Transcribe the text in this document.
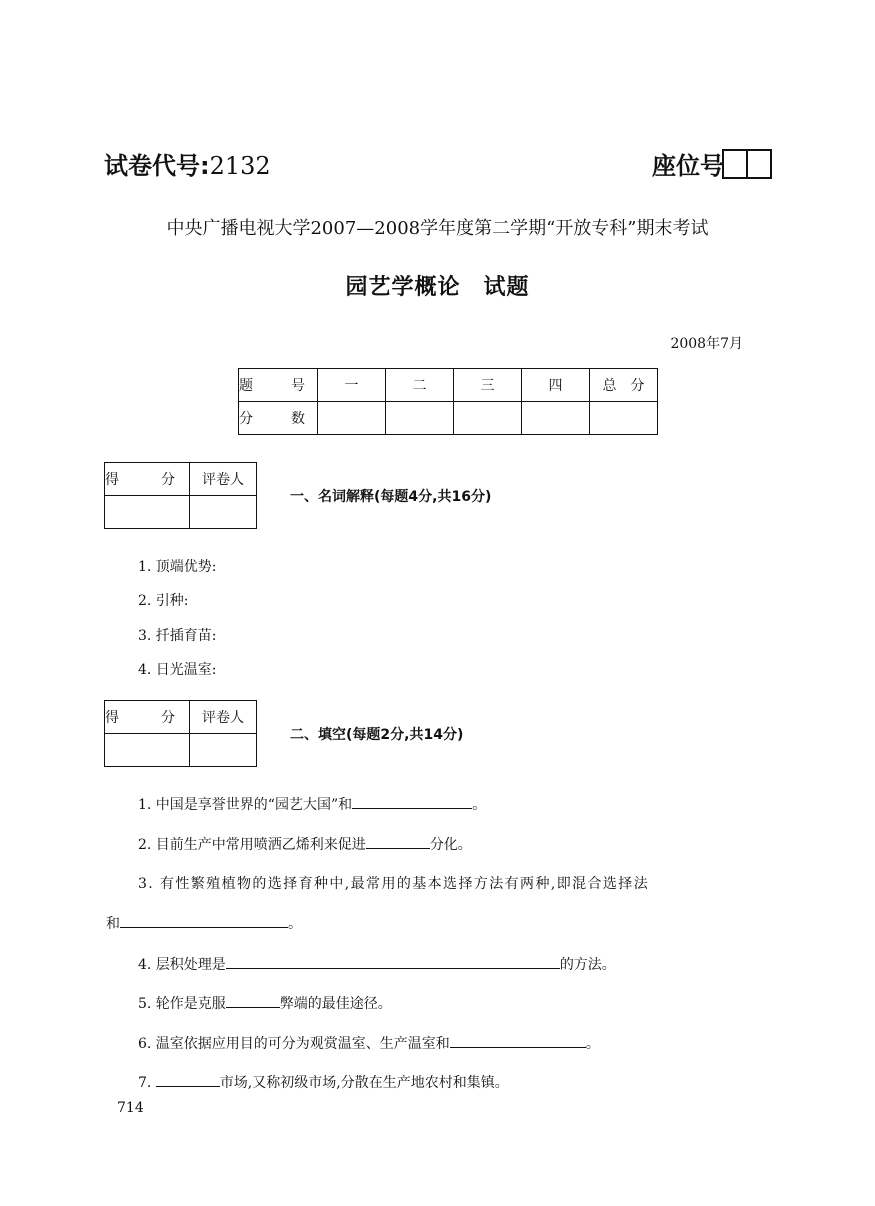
试卷代号:2132	座位号
中央广播电视大学2007—2008学年度第二学期“开放专科”期末考试
园艺学概论　试题
2008年7月
题　号	一	二	三	四	总　分
分　数					
得　分	评卷人

一、名词解释(每题4分,共16分)
1. 顶端优势:
2. 引种:
3. 扦插育苗:
4. 日光温室:
得　分	评卷人

二、填空(每题2分,共14分)
1. 中国是享誉世界的“园艺大国”和	。
2. 目前生产中常用喷洒乙烯利来促进	分化。
3. 有性繁殖植物的选择育种中,最常用的基本选择方法有两种,即混合选择法
和	。
4. 层积处理是	的方法。
5. 轮作是克服	弊端的最佳途径。
6. 温室依据应用目的可分为观赏温室、生产温室和	。
7.	市场,又称初级市场,分散在生产地农村和集镇。
714
